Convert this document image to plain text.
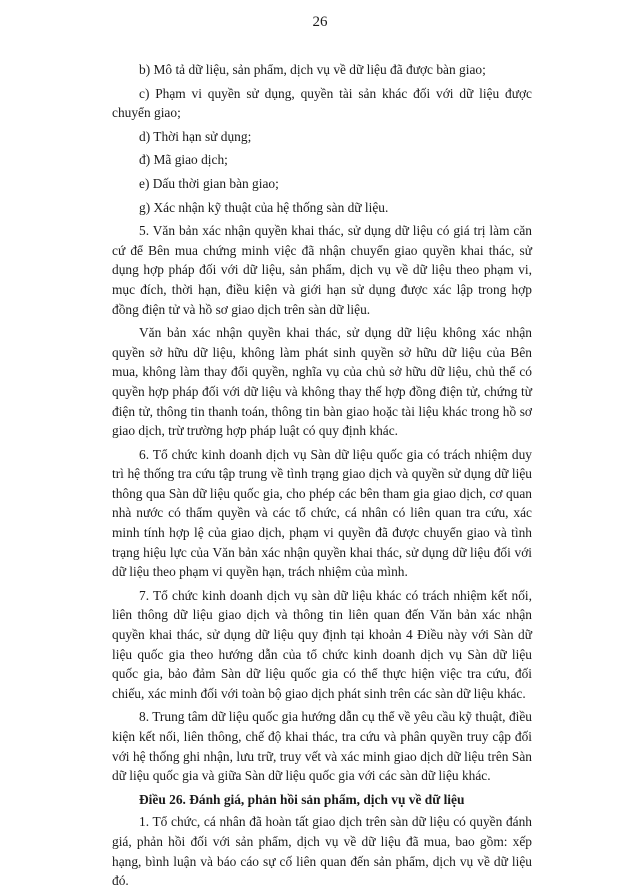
26

b) Mô tả dữ liệu, sản phẩm, dịch vụ về dữ liệu đã được bàn giao;

c) Phạm vi quyền sử dụng, quyền tài sản khác đối với dữ liệu được chuyển giao;

d) Thời hạn sử dụng;

đ) Mã giao dịch;

e) Dấu thời gian bàn giao;

g) Xác nhận kỹ thuật của hệ thống sàn dữ liệu.

5. Văn bản xác nhận quyền khai thác, sử dụng dữ liệu có giá trị làm căn cứ để Bên mua chứng minh việc đã nhận chuyển giao quyền khai thác, sử dụng hợp pháp đối với dữ liệu, sản phẩm, dịch vụ về dữ liệu theo phạm vi, mục đích, thời hạn, điều kiện và giới hạn sử dụng được xác lập trong hợp đồng điện tử và hồ sơ giao dịch trên sàn dữ liệu.

Văn bản xác nhận quyền khai thác, sử dụng dữ liệu không xác nhận quyền sở hữu dữ liệu, không làm phát sinh quyền sở hữu dữ liệu của Bên mua, không làm thay đổi quyền, nghĩa vụ của chủ sở hữu dữ liệu, chủ thể có quyền hợp pháp đối với dữ liệu và không thay thế hợp đồng điện tử, chứng từ điện tử, thông tin thanh toán, thông tin bàn giao hoặc tài liệu khác trong hồ sơ giao dịch, trừ trường hợp pháp luật có quy định khác.

6. Tổ chức kinh doanh dịch vụ Sàn dữ liệu quốc gia có trách nhiệm duy trì hệ thống tra cứu tập trung về tình trạng giao dịch và quyền sử dụng dữ liệu thông qua Sàn dữ liệu quốc gia, cho phép các bên tham gia giao dịch, cơ quan nhà nước có thẩm quyền và các tổ chức, cá nhân có liên quan tra cứu, xác minh tính hợp lệ của giao dịch, phạm vi quyền đã được chuyển giao và tình trạng hiệu lực của Văn bản xác nhận quyền khai thác, sử dụng dữ liệu đối với dữ liệu theo phạm vi quyền hạn, trách nhiệm của mình.

7. Tổ chức kinh doanh dịch vụ sàn dữ liệu khác có trách nhiệm kết nối, liên thông dữ liệu giao dịch và thông tin liên quan đến Văn bản xác nhận quyền khai thác, sử dụng dữ liệu quy định tại khoản 4 Điều này với Sàn dữ liệu quốc gia theo hướng dẫn của tổ chức kinh doanh dịch vụ Sàn dữ liệu quốc gia, bảo đảm Sàn dữ liệu quốc gia có thể thực hiện việc tra cứu, đối chiếu, xác minh đối với toàn bộ giao dịch phát sinh trên các sàn dữ liệu khác.

8. Trung tâm dữ liệu quốc gia hướng dẫn cụ thể về yêu cầu kỹ thuật, điều kiện kết nối, liên thông, chế độ khai thác, tra cứu và phân quyền truy cập đối với hệ thống ghi nhận, lưu trữ, truy vết và xác minh giao dịch dữ liệu trên Sàn dữ liệu quốc gia và giữa Sàn dữ liệu quốc gia với các sàn dữ liệu khác.

Điều 26. Đánh giá, phản hồi sản phẩm, dịch vụ về dữ liệu

1. Tổ chức, cá nhân đã hoàn tất giao dịch trên sàn dữ liệu có quyền đánh giá, phản hồi đối với sản phẩm, dịch vụ về dữ liệu đã mua, bao gồm: xếp hạng, bình luận và báo cáo sự cố liên quan đến sản phẩm, dịch vụ về dữ liệu đó.
